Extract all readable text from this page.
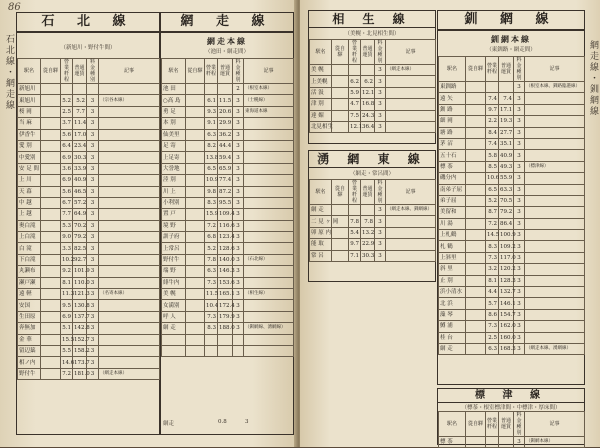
86
石北線・網走線
石 北 線
（新旭川・野付牛間）
駅名	從自驛	營業粁程	普通運賃	料金種別	記事
新旭川					
東旭川		5.2	5.2	3	（宗谷本線）
桜 岡		2.5	7.7	3	
当 麻		3.7	11.4	3	
伊香牛		5.6	17.0	3	
愛 別		6.4	23.4	3	
中愛別		6.9	30.3	3	
安 足 間		3.6	33.9	3	
上 川		6.9	40.9	3	
天 幕		5.6	46.5	3	
中 越		6.7	57.2	3	
上 越		7.7	64.9	3	
奥白滝		5.3	70.2	3	
上白滝		9.0	79.2	3	
白 滝		3.3	82.5	3	
下白滝		10.2	92.7	3	
丸瀬布		9.2	101.9	3	
瀬戸瀬		8.1	110.0	3	
遠 軽		11.3	121.3	3	（名寄本線）
安国		9.5	130.8	3	
生田原		6.9	137.7	3	
奔無加		5.1	142.8	3	
金 華		15.5	152.7	3	
留辺蘂		5.5	158.2	3	
相ノ内		14.6	173.7	3	
野付牛		7.2	181.0	3	（網走本線）
網 走 線
網走本線
（池田・網走間）
駅名	從自驛	營業粁程	普通運賃	料金種別	記事
池 田				2	（根室本線）
○高 島		6.1	11.5	3	（士幌線）
勇 足		9.3	20.6	3	東海道本線
本 別		9.1	29.9	3	
仙美里		6.3	36.2	3	
足 寄		8.2	44.4	3	
上足寄		13.8	59.4	3	
大誉地		6.5	65.9	3	
淕 別		10.9	77.4	3	
川 上		9.8	87.2	3	
小利別		8.3	95.5	3	
置 戸		15.9	109.4	3	
境 野		7.2	116.6	3	
訓子府		6.8	123.4	3	
上常呂		5.2	128.6	3	
野付牛		7.8	140.0	3	（石北線）
端 野		6.3	146.3	3	
緋牛内		7.3	153.6	3	
美 幌		11.5	165.1	3	（相生線）
女満別		10.4	172.4	3	
呼 人		7.3	179.9	3	
網 走		8.3	188.0	3	（釧網線、湧網線）

網走	0.8	3
網走線・釧網線
相 生 線
（美幌・北見相生間）
駅名	從自驛	營業粁程	普通運賃	料金種別	記事
美 幌				3	（網走本線）
上美幌		6.2	6.2	3	
活 汲		5.9	12.1	3	
津 別		4.7	16.8	3	
達 媚		7.5	24.3	3	
北見相生		12.1	36.4	3	
湧 網 東 線
（網走・常呂間）
駅名	從自驛	營業粁程	普通運賃	料金種別	記事
網 走				3	（網走本線、釧網線）
二 見 ヶ 岡		7.8	7.8	3	
卯 原 内		5.4	13.2	3	
能 取		9.7	22.9	3	
常 呂		7.1	30.3	3	
釧 網 線
釧網本線
（東釧路・網走間）
駅名	從自驛	營業粁程	普通運賃	料金種別	記事
東釧路				3	（根室本線、釧路臨港線）
遠 矢		7.4	7.4	3	
釧 路		9.7	17.1	3	
細 岡		2.2	19.3	3	
塘 路		8.4	27.7	3	
茅 沼		7.4	35.1	3	
五十石		5.8	40.9	3	
標 茶		8.5	49.3	3	（標津線）
磯分内		10.6	55.9	3	
南弟子屈		6.5	63.3	3	
弟子屈		5.2	70.5	3	
美留和		8.7	79.2	3	
川 湯		7.2	86.4	3	
上札鶴		14.5	100.9	3	
札 鶴		8.3	109.2	3	
上斜里		7.3	117.0	3	
斜 里		3.2	120.2	3	
止 別		8.1	128.3	3	
浜小清水		4.4	132.7	3	
北 浜		5.7	146.1	3	
藻 琴		8.6	154.7	3	
鱒 浦		7.3	162.0	3	
桂 台		2.5	160.0	3	
網 走		6.3	168.3	3	（網走本線、湧網線）
標 津 線
（標茶・根室標津間・中標津・厚床間）
駅名	從自驛	營業粁程	普通運賃	料金種別	記事
標 茶				3	（釧網本線）
